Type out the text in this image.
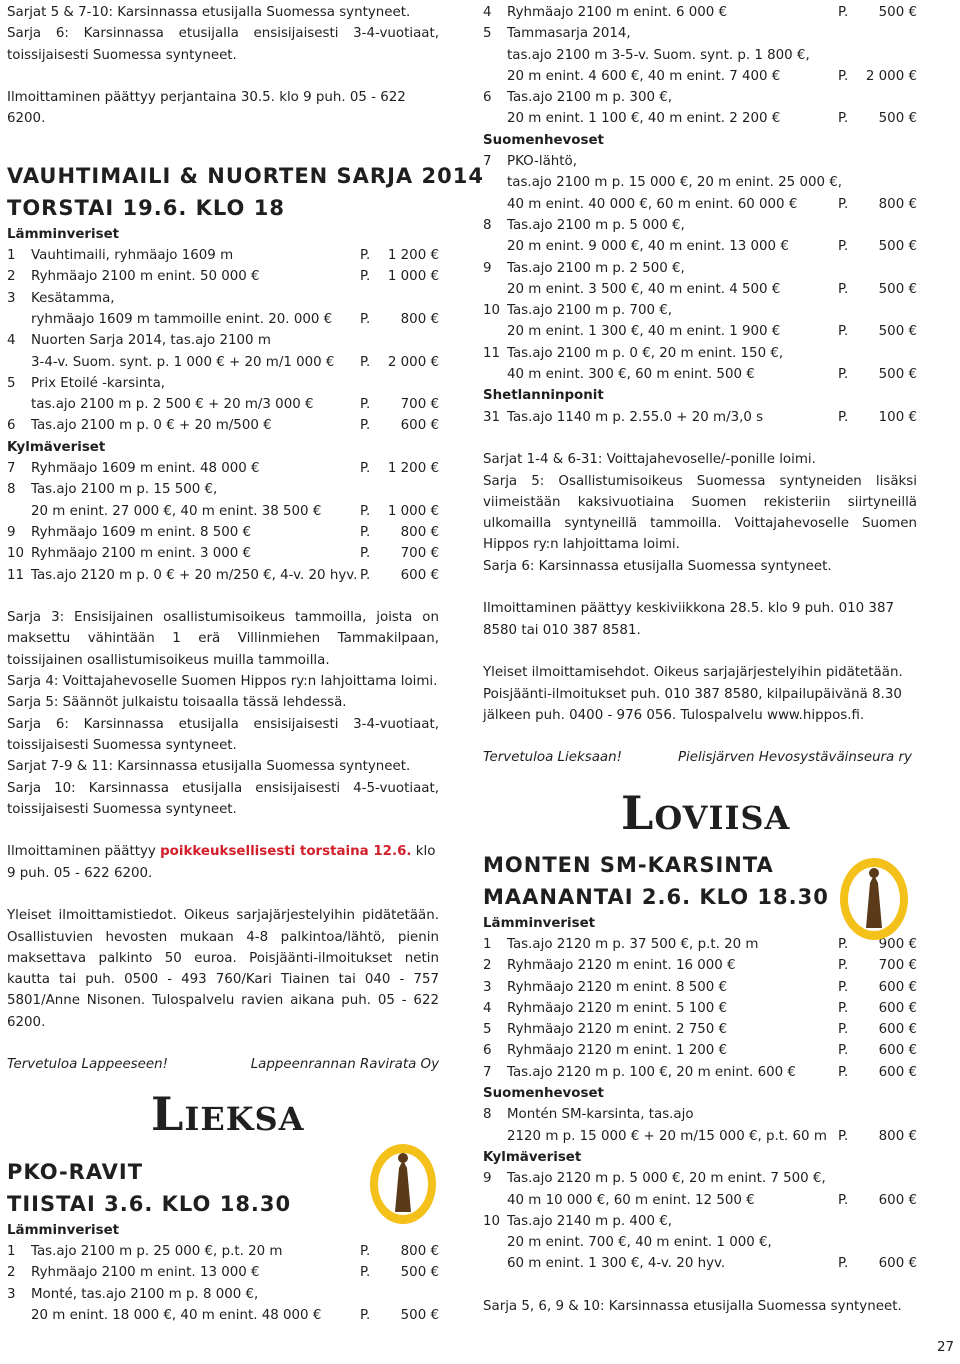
Sarjat 5 & 7-10: Karsinnassa etusijalla Suomessa syntyneet.

Sarja 6: Karsinnassa etusijalla ensisijaisesti 3-4-vuotiaat, toissijaisesti Suomessa syntyneet.

Ilmoittaminen päättyy perjantaina 30.5. klo 9 puh. 05 - 622 6200.

VAUHTIMAILI & NUORTEN SARJA 2014
TORSTAI 19.6. KLO 18
Lämminveriset
1	Vauhtimaili, ryhmäajo 1609 m	P. 1 200 €
2	Ryhmäajo 2100 m enint. 50 000 €	P. 1 000 €
3	Kesätamma,
ryhmäajo 1609 m tammoille enint. 20. 000 €	P. 800 €
4	Nuorten Sarja 2014, tas.ajo 2100 m
3-4-v. Suom. synt. p. 1 000 € + 20 m/1 000 €	P. 2 000 €
5	Prix Etoilé -karsinta,
tas.ajo 2100 m p. 2 500 € + 20 m/3 000 €	P. 700 €
6	Tas.ajo 2100 m p. 0 € + 20 m/500 €	P. 600 €
Kylmäveriset
7	Ryhmäajo 1609 m enint. 48 000 €	P. 1 200 €
8	Tas.ajo 2100 m p. 15 500 €,
20 m enint. 27 000 €, 40 m enint. 38 500 €	P. 1 000 €
9	Ryhmäajo 1609 m enint. 8 500 €	P. 800 €
10 Ryhmäajo 2100 m enint. 3 000 €	P. 700 €
11 Tas.ajo 2120 m p. 0 € + 20 m/250 €, 4-v. 20 hyv. P. 600 €

Sarja 3: Ensisijainen osallistumisoikeus tammoilla, joista on maksettu vähintään 1 erä Villinmiehen Tammakilpaan, toissijainen osallistumisoikeus muilla tammoilla.

Sarja 4: Voittajahevoselle Suomen Hippos ry:n lahjoittama loimi.

Sarja 5: Säännöt julkaistu toisaalla tässä lehdessä.

Sarja 6: Karsinnassa etusijalla ensisijaisesti 3-4-vuotiaat, toissijaisesti Suomessa syntyneet.

Sarjat 7-9 & 11: Karsinnassa etusijalla Suomessa syntyneet.

Sarja 10: Karsinnassa etusijalla ensisijaisesti 4-5-vuotiaat, toissijaisesti Suomessa syntyneet.

Ilmoittaminen päättyy poikkeuksellisesti torstaina 12.6. klo 9 puh. 05 - 622 6200.

Yleiset ilmoittamistiedot. Oikeus sarjajärjestelyihin pidätetään. Osallistuvien hevosten mukaan 4-8 palkintoa/lähtö, pienin maksettava palkinto 50 euroa. Poisjäänti-ilmoitukset netin kautta tai puh. 0500 - 493 760/Kari Tiainen tai 040 - 757 5801/Anne Nisonen. Tulospalvelu ravien aikana puh. 05 - 622 6200.

Tervetuloa Lappeeseen!	Lappeenrannan Ravirata Oy
Lieksa
PKO-RAVIT
TIISTAI 3.6. KLO 18.30
Lämminveriset
1	Tas.ajo 2100 m p. 25 000 €, p.t. 20 m	P. 800 €
2	Ryhmäajo 2100 m enint. 13 000 €	P. 500 €
3	Monté, tas.ajo 2100 m p. 8 000 €,
20 m enint. 18 000 €, 40 m enint. 48 000 €	P. 500 €
4	Ryhmäajo 2100 m enint. 6 000 €	P. 500 €
5	Tammasarja 2014,
tas.ajo 2100 m 3-5-v. Suom. synt. p. 1 800 €,
20 m enint. 4 600 €, 40 m enint. 7 400 €	P. 2 000 €
6	Tas.ajo 2100 m p. 300 €,
20 m enint. 1 100 €, 40 m enint. 2 200 €	P. 500 €
Suomenhevoset
7	PKO-lähtö,
tas.ajo 2100 m p. 15 000 €, 20 m enint. 25 000 €,
40 m enint. 40 000 €, 60 m enint. 60 000 €	P. 800 €
8	Tas.ajo 2100 m p. 5 000 €,
20 m enint. 9 000 €, 40 m enint. 13 000 €	P. 500 €
9	Tas.ajo 2100 m p. 2 500 €,
20 m enint. 3 500 €, 40 m enint. 4 500 €	P. 500 €
10 Tas.ajo 2100 m p. 700 €,
20 m enint. 1 300 €, 40 m enint. 1 900 €	P. 500 €
11 Tas.ajo 2100 m p. 0 €, 20 m enint. 150 €,
40 m enint. 300 €, 60 m enint. 500 €	P. 500 €
Shetlanninponit
31 Tas.ajo 1140 m p. 2.55.0 + 20 m/3,0 s	P. 100 €

Sarjat 1-4 & 6-31: Voittajahevoselle/-ponille loimi.

Sarja 5: Osallistumisoikeus Suomessa syntyneiden lisäksi viimeistään kaksivuotiaina Suomen rekisteriin siirtyneillä ulkomailla syntyneillä tammoilla. Voittajahevoselle Suomen Hippos ry:n lahjoittama loimi.

Sarja 6: Karsinnassa etusijalla Suomessa syntyneet.

Ilmoittaminen päättyy keskiviikkona 28.5. klo 9 puh. 010 387 8580 tai 010 387 8581.

Yleiset ilmoittamisehdot. Oikeus sarjajärjestelyihin pidätetään. Poisjäänti-ilmoitukset puh. 010 387 8580, kilpailupäivänä 8.30 jälkeen puh. 0400 - 976 056. Tulospalvelu www.hippos.fi.

Tervetuloa Lieksaan!	Pielisjärven Hevosystäväinseura ry
Loviisa
MONTEN SM-KARSINTA
MAANANTAI 2.6. KLO 18.30
Lämminveriset
1	Tas.ajo 2120 m p. 37 500 €, p.t. 20 m	P. 900 €
2	Ryhmäajo 2120 m enint. 16 000 €	P. 700 €
3	Ryhmäajo 2120 m enint. 8 500 €	P. 600 €
4	Ryhmäajo 2120 m enint. 5 100 €	P. 600 €
5	Ryhmäajo 2120 m enint. 2 750 €	P. 600 €
6	Ryhmäajo 2120 m enint. 1 200 €	P. 600 €
7	Tas.ajo 2120 m p. 100 €, 20 m enint. 600 €	P. 600 €
Suomenhevoset
8	Montén SM-karsinta, tas.ajo
2120 m p. 15 000 € + 20 m/15 000 €, p.t. 60 m P. 800 €
Kylmäveriset
9	Tas.ajo 2120 m p. 5 000 €, 20 m enint. 7 500 €,
40 m 10 000 €, 60 m enint. 12 500 €	P. 600 €
10 Tas.ajo 2140 m p. 400 €,
20 m enint. 700 €, 40 m enint. 1 000 €,
60 m enint. 1 300 €, 4-v. 20 hyv.	P. 600 €

Sarja 5, 6, 9 & 10: Karsinnassa etusijalla Suomessa syntyneet.

27
